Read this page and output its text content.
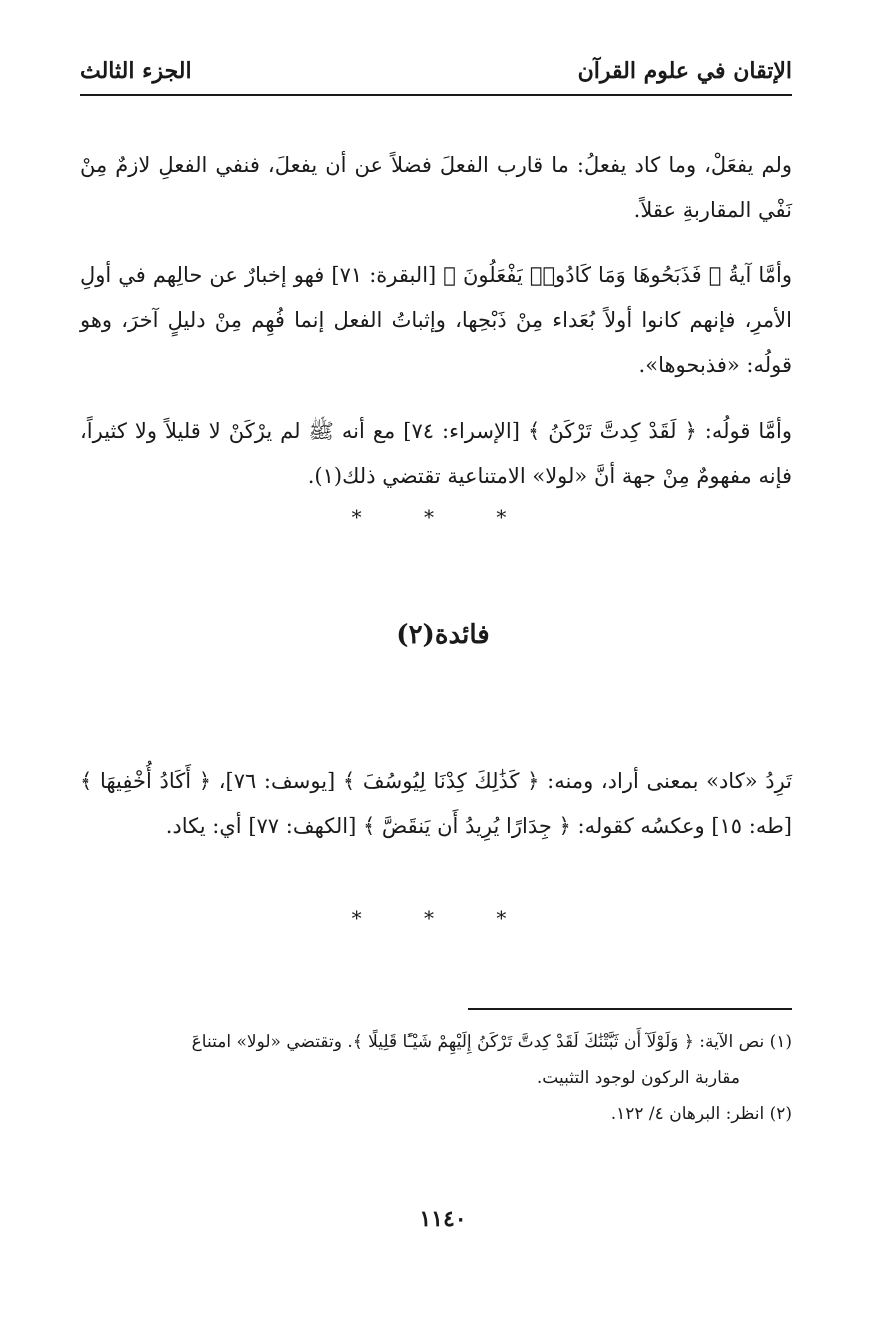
الإتقان في علوم القرآن
الجزء الثالث

ولم يفعَلْ، وما كاد يفعلُ: ما قارب الفعلَ فضلاً عن أن يفعلَ، فنفي الفعلِ لازمٌ مِنْ نَفْي المقاربةِ عقلاً.

وأمَّا آيةُ ﴿ فَذَبَحُوهَا وَمَا كَادُوا۟ يَفْعَلُونَ ﴾ [البقرة: ٧١] فهو إخبارٌ عن حالِهم في أولِ الأمرِ، فإنهم كانوا أولاً بُعَداء مِنْ ذَبْحِها، وإثباتُ الفعل إنما فُهِم مِنْ دليلٍ آخرَ، وهو قولُه: «فذبحوها».

وأمَّا قولُه: ﴿ لَقَدْ كِدتَّ تَرْكَنُ ﴾ [الإسراء: ٧٤] مع أنه ﷺ لم يرْكَنْ لا قليلاً ولا كثيراً، فإنه مفهومٌ مِنْ جهة أنَّ «لولا» الامتناعية تقتضي ذلك(١).

* * *
فائدة(٢)

تَرِدُ «كاد» بمعنى أراد، ومنه: ﴿ كَذَٰلِكَ كِدْنَا لِيُوسُفَ ﴾ [يوسف: ٧٦]، ﴿ أَكَادُ أُخْفِيهَا ﴾ [طه: ١٥] وعكسُه كقوله: ﴿ جِدَارًا يُرِيدُ أَن يَنقَضَّ ﴾ [الكهف: ٧٧] أي: يكاد.

* * *

(١) نص الآية: ﴿ وَلَوْلَآ أَن ثَبَّتْنَٰكَ لَقَدْ كِدتَّ تَرْكَنُ إِلَيْهِمْ شَيْـًٔا قَلِيلًا ﴾. وتقتضي «لولا» امتناعَ

مقاربة الركون لوجود التثبيت.

(٢) انظر: البرهان ٤/ ١٢٢.

١١٤٠
